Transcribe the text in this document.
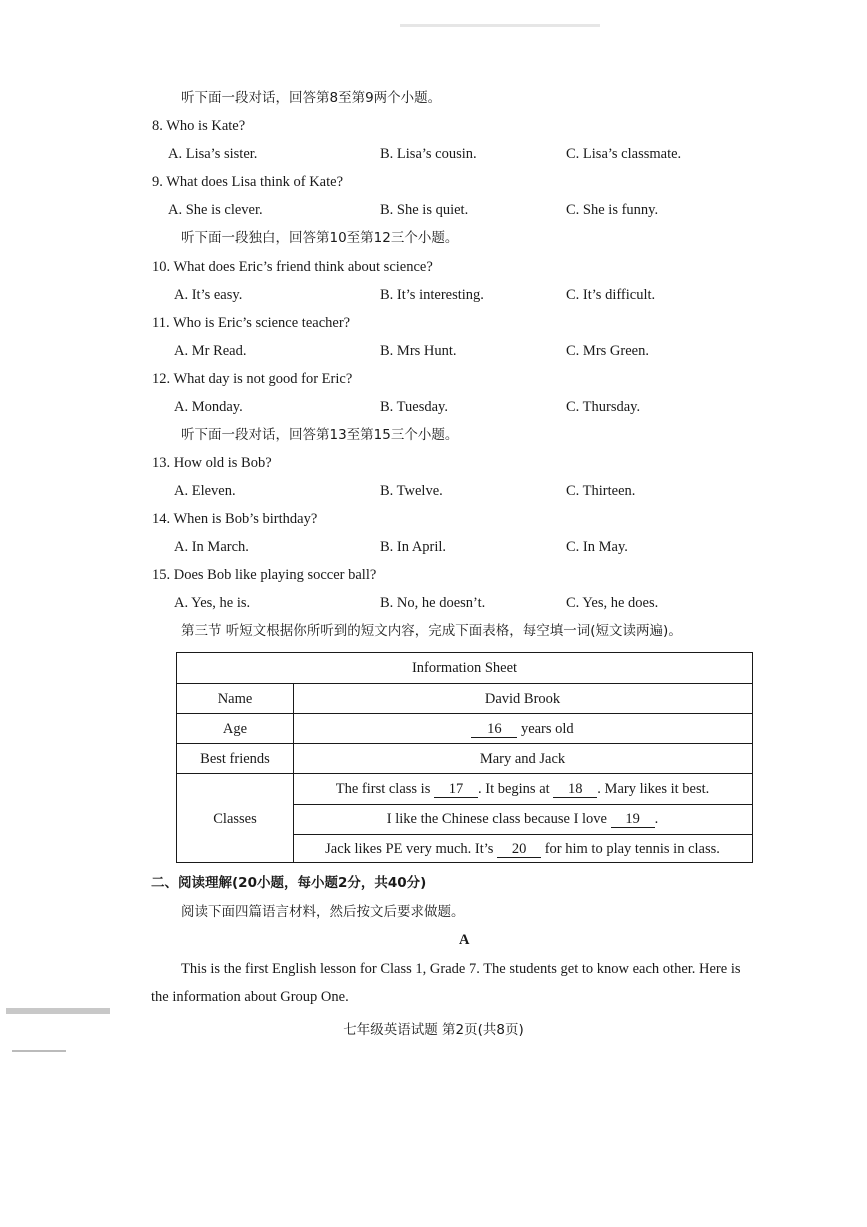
听下面一段对话，回答第8至第9两个小题。
8. Who is Kate?
A. Lisa’s sister.	B. Lisa’s cousin.	C. Lisa’s classmate.
9. What does Lisa think of Kate?
A. She is clever.	B. She is quiet.	C. She is funny.
听下面一段独白，回答第10至第12三个小题。
10. What does Eric’s friend think about science?
A. It’s easy.	B. It’s interesting.	C. It’s difficult.
11. Who is Eric’s science teacher?
A. Mr Read.	B. Mrs Hunt.	C. Mrs Green.
12. What day is not good for Eric?
A. Monday.	B. Tuesday.	C. Thursday.
听下面一段对话，回答第13至第15三个小题。
13. How old is Bob?
A. Eleven.	B. Twelve.	C. Thirteen.
14. When is Bob’s birthday?
A. In March.	B. In April.	C. In May.
15. Does Bob like playing soccer ball?
A. Yes, he is.	B. No, he doesn’t.	C. Yes, he does.
第三节 听短文根据你所听到的短文内容，完成下面表格，每空填一词(短文读两遍)。
Information Sheet
Name	David Brook
Age	16 years old
Best friends	Mary and Jack
Classes
The first class is 17 . It begins at 18 . Mary likes it best.
I like the Chinese class because I love 19 .
Jack likes PE very much. It’s 20 for him to play tennis in class.
二、阅读理解(20小题，每小题2分，共40分)
阅读下面四篇语言材料，然后按文后要求做题。
A
This is the first English lesson for Class 1, Grade 7. The students get to know each other. Here is
the information about Group One.
七年级英语试题 第2页(共8页)
